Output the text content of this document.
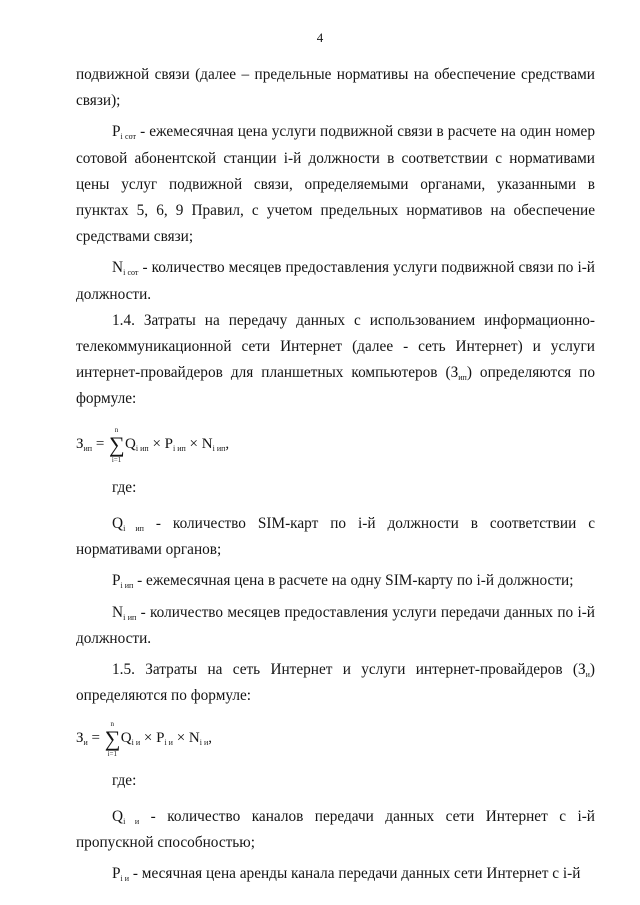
4

подвижной связи (далее – предельные нормативы на обеспечение средствами связи);

$P_{i сот}$ - ежемесячная цена услуги подвижной связи в расчете на один номер сотовой абонентской станции i-й должности в соответствии с нормативами цены услуг подвижной связи, определяемыми органами, указанными в пунктах 5, 6, 9 Правил, с учетом предельных нормативов на обеспечение средствами связи;

$N_{i сот}$ - количество месяцев предоставления услуги подвижной связи по i-й должности.

1.4. Затраты на передачу данных с использованием информационно-телекоммуникационной сети Интернет (далее - сеть Интернет) и услуги интернет-провайдеров для планшетных компьютеров $(З_{ип})$ определяются по формуле:

$З_{ип}$ = ∑
n
i=1
$Q_{i ип} \times P_{i ип} \times N_{i ип}$,

где:

$Q_{i ип}$ - количество SIM-карт по i-й должности в соответствии с нормативами органов;

$P_{i ип}$ - ежемесячная цена в расчете на одну SIM-карту по i-й должности;

$N_{i ип}$ - количество месяцев предоставления услуги передачи данных по i-й должности.

1.5. Затраты на сеть Интернет и услуги интернет-провайдеров $(З_и)$ определяются по формуле:

$З_и$ = ∑
n
i=1
$Q_{i и} \times P_{i и} \times N_{i и}$,

где:

$Q_{i и}$ - количество каналов передачи данных сети Интернет с i-й пропускной способностью;

$P_{i и}$ - месячная цена аренды канала передачи данных сети Интернет с i-й
